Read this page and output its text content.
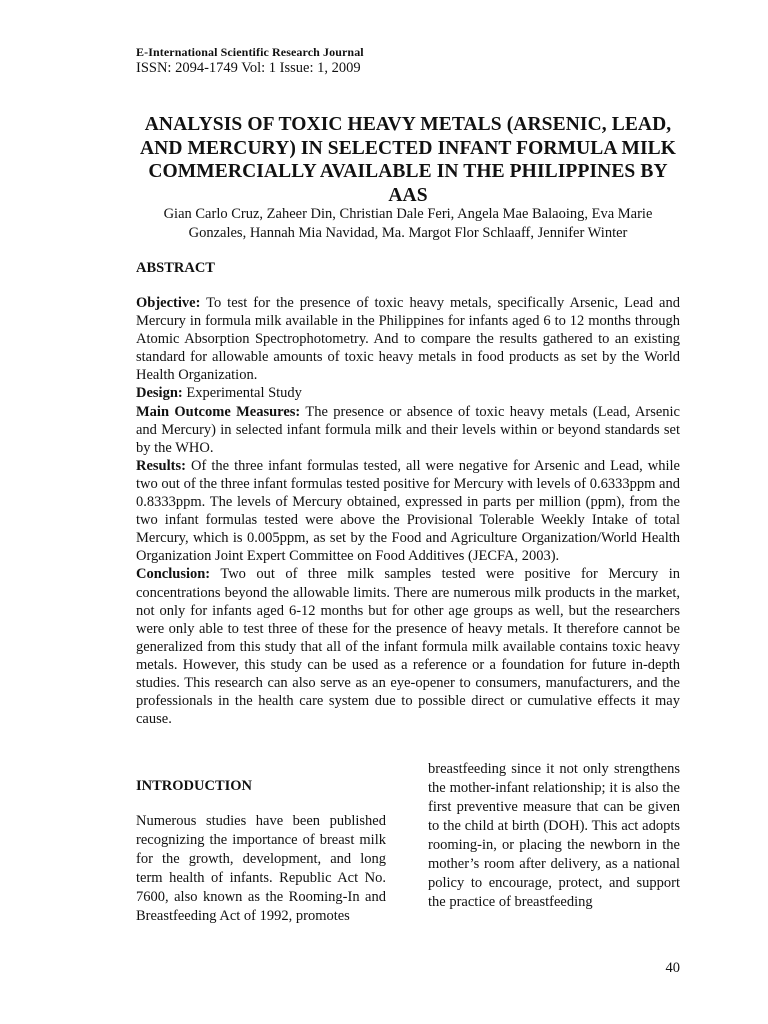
E-International Scientific Research Journal
ISSN: 2094-1749 Vol: 1 Issue: 1, 2009
ANALYSIS OF TOXIC HEAVY METALS (ARSENIC, LEAD, AND MERCURY) IN SELECTED INFANT FORMULA MILK COMMERCIALLY AVAILABLE IN THE PHILIPPINES BY AAS
Gian Carlo Cruz, Zaheer Din, Christian Dale Feri, Angela Mae Balaoing, Eva Marie Gonzales, Hannah Mia Navidad, Ma. Margot Flor Schlaaff, Jennifer Winter
ABSTRACT

Objective: To test for the presence of toxic heavy metals, specifically Arsenic, Lead and Mercury in formula milk available in the Philippines for infants aged 6 to 12 months through Atomic Absorption Spectrophotometry. And to compare the results gathered to an existing standard for allowable amounts of toxic heavy metals in food products as set by the World Health Organization.

Design: Experimental Study

Main Outcome Measures: The presence or absence of toxic heavy metals (Lead, Arsenic and Mercury) in selected infant formula milk and their levels within or beyond standards set by the WHO.

Results: Of the three infant formulas tested, all were negative for Arsenic and Lead, while two out of the three infant formulas tested positive for Mercury with levels of 0.6333ppm and 0.8333ppm. The levels of Mercury obtained, expressed in parts per million (ppm), from the two infant formulas tested were above the Provisional Tolerable Weekly Intake of total Mercury, which is 0.005ppm, as set by the Food and Agriculture Organization/World Health Organization Joint Expert Committee on Food Additives (JECFA, 2003).

Conclusion: Two out of three milk samples tested were positive for Mercury in concentrations beyond the allowable limits. There are numerous milk products in the market, not only for infants aged 6-12 months but for other age groups as well, but the researchers were only able to test three of these for the presence of heavy metals. It therefore cannot be generalized from this study that all of the infant formula milk available contains toxic heavy metals. However, this study can be used as a reference or a foundation for future in-depth studies. This research can also serve as an eye-opener to consumers, manufacturers, and the professionals in the health care system due to possible direct or cumulative effects it may cause.

INTRODUCTION

Numerous studies have been published recognizing the importance of breast milk for the growth, development, and long term health of infants. Republic Act No. 7600, also known as the Rooming-In and Breastfeeding Act of 1992, promotes

breastfeeding since it not only strengthens the mother-infant relationship; it is also the first preventive measure that can be given to the child at birth (DOH). This act adopts rooming-in, or placing the newborn in the mother’s room after delivery, as a national policy to encourage, protect, and support the practice of breastfeeding

40
